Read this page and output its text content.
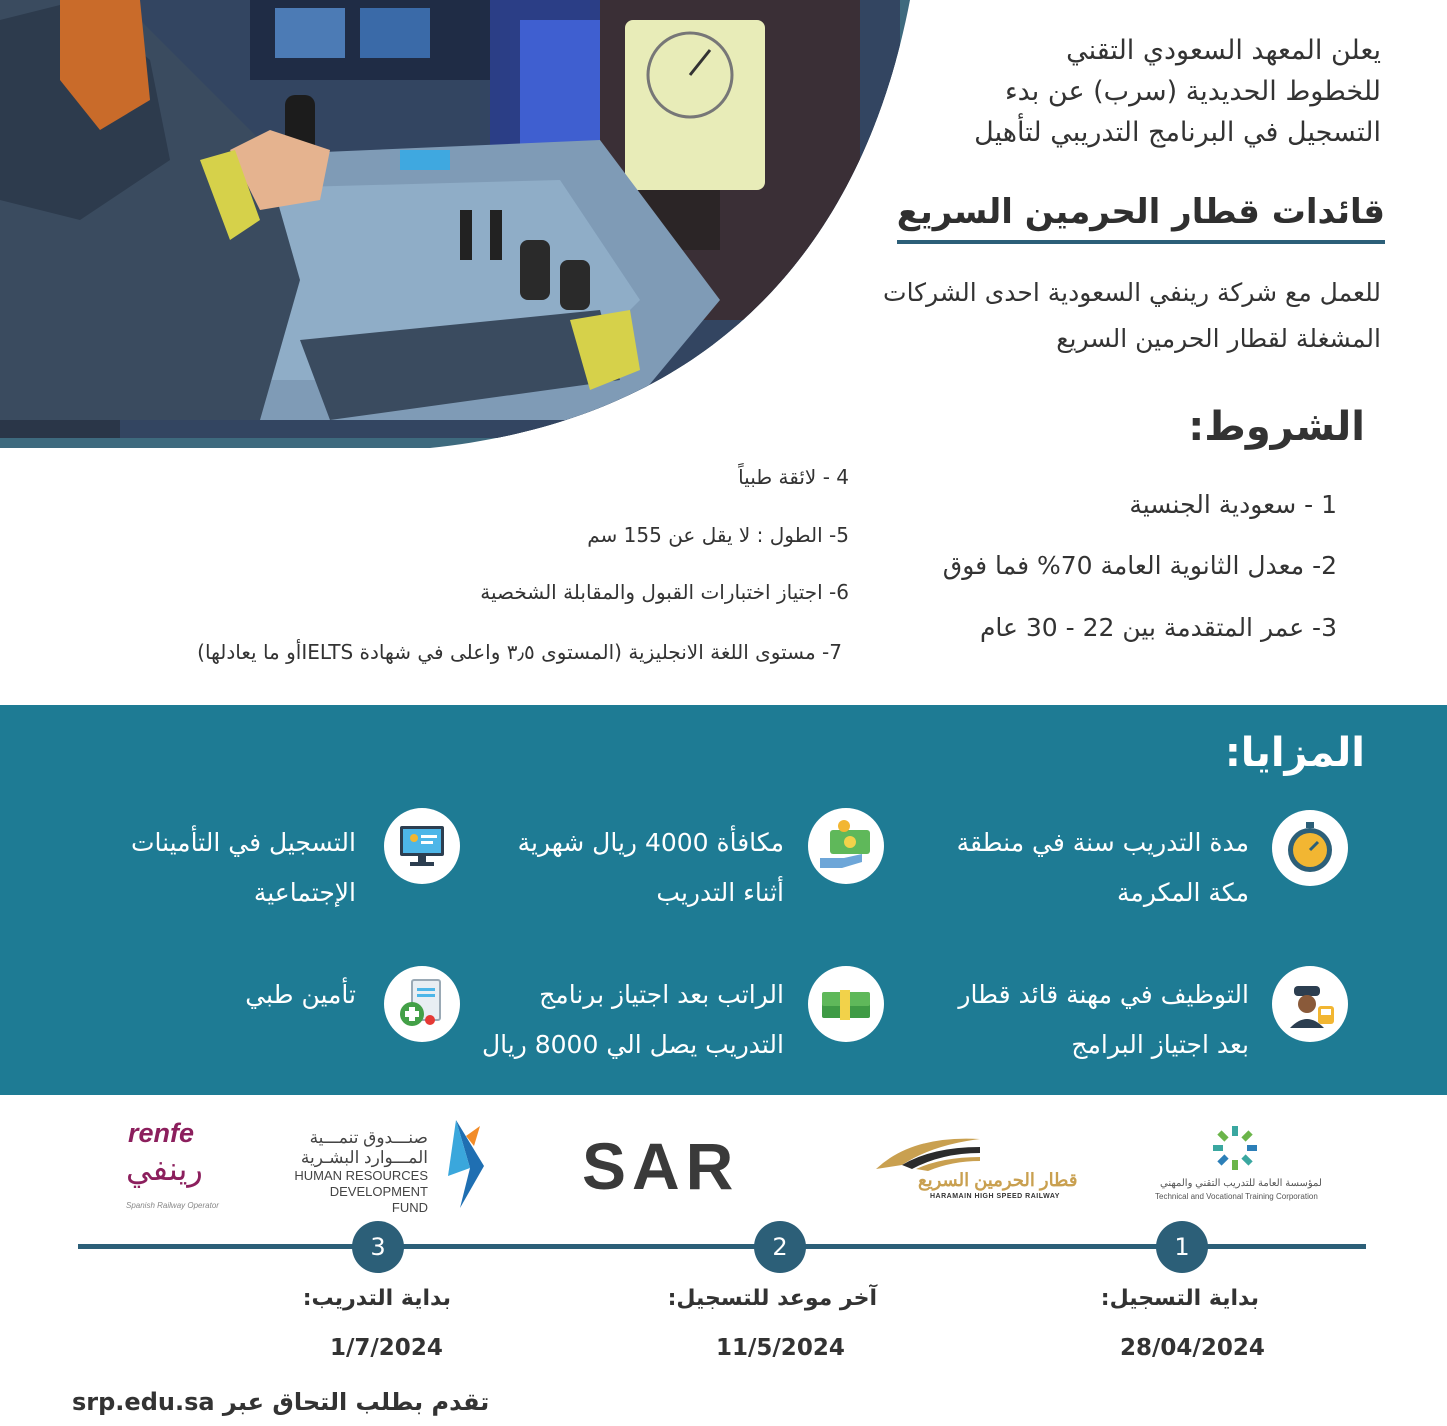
يعلن المعهد السعودي التقني
للخطوط الحديدية (سرب) عن بدء
التسجيل في البرنامج التدريبي لتأهيل
قائدات قطار الحرمين السريع
للعمل مع شركة رينفي السعودية احدى الشركات
المشغلة لقطار الحرمين السريع
الشروط:
1 - سعودية الجنسية
2- معدل الثانوية العامة 70% فما فوق
3- عمر المتقدمة بين 22 - 30 عام
4 - لائقة طبياً
5- الطول : لا يقل عن 155 سم
6- اجتياز اختبارات القبول والمقابلة الشخصية
7- مستوى اللغة الانجليزية (المستوى ٣٫٥ واعلى في شهادة IELTSأو ما يعادلها)
المزايا:
مدة التدريب سنة في منطقة
مكة المكرمة
مكافأة 4000 ريال شهرية
أثناء التدريب
التسجيل في التأمينات
الإجتماعية
التوظيف في مهنة قائد قطار
بعد اجتياز البرامج
الراتب بعد اجتياز برنامج
التدريب يصل الي 8000 ريال
تأمين طبي
لمؤسسة العامة للتدريب التقني والمهني
Technical and Vocational Training Corporation
قطار الحرمين السريع
HARAMAIN HIGH SPEED RAILWAY
SAR
صنـــدوق تنمـــية
المـــوارد البشـرية
HUMAN RESOURCES
DEVELOPMENT FUND
renfe
رينفي
Spanish Railway Operator
1
2
3
بداية التسجيل:
28/04/2024
آخر موعد للتسجيل:
11/5/2024
بداية التدريب:
1/7/2024
تقدم بطلب التحاق عبر srp.edu.sa
